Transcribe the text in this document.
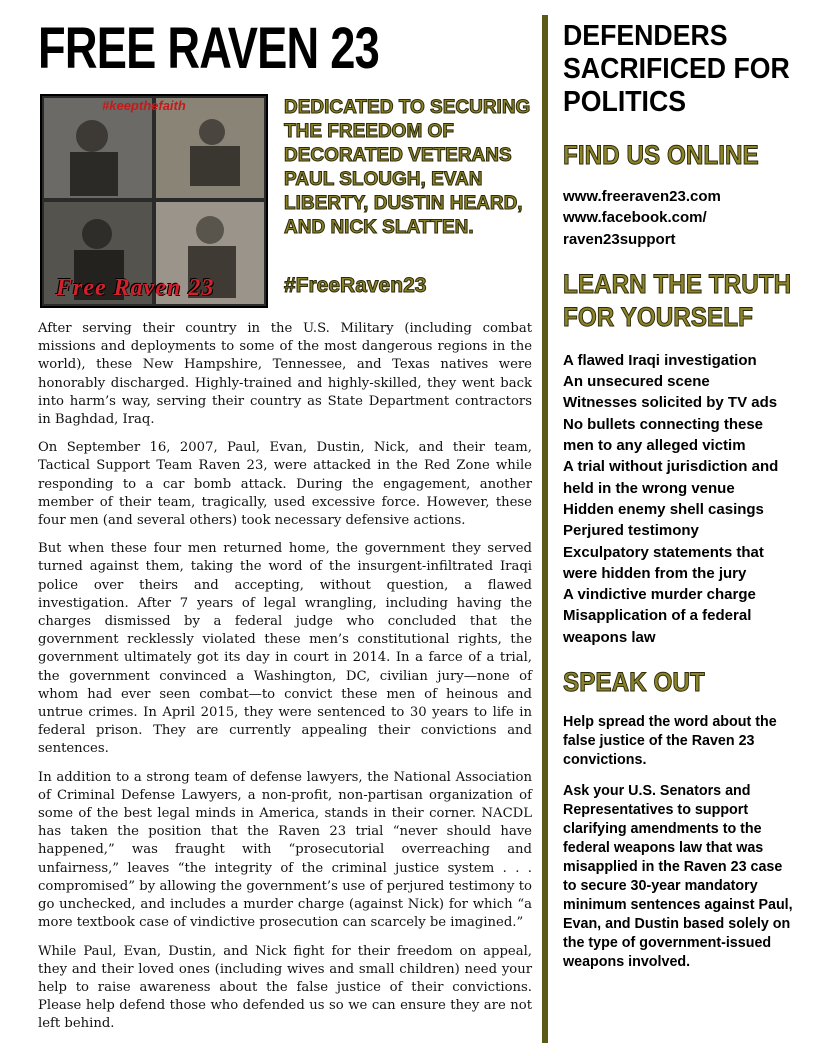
FREE RAVEN 23
#keepthefaith
Free Raven 23
DEDICATED TO SECURING THE FREEDOM OF DECORATED VETERANS PAUL SLOUGH, EVAN LIBERTY, DUSTIN HEARD, AND NICK SLATTEN.
#FreeRaven23

After serving their country in the U.S. Military (including combat missions and deployments to some of the most dangerous regions in the world), these New Hampshire, Tennessee, and Texas natives were honorably discharged. Highly-trained and highly-skilled, they went back into harm’s way, serving their country as State Department contractors in Baghdad, Iraq.

On September 16, 2007, Paul, Evan, Dustin, Nick, and their team, Tactical Support Team Raven 23, were attacked in the Red Zone while responding to a car bomb attack. During the engagement, another member of their team, tragically, used excessive force. However, these four men (and several others) took necessary defensive actions.

But when these four men returned home, the government they served turned against them, taking the word of the insurgent-infiltrated Iraqi police over theirs and accepting, without question, a flawed investigation. After 7 years of legal wrangling, including having the charges dismissed by a federal judge who concluded that the government recklessly violated these men’s constitutional rights, the government ultimately got its day in court in 2014. In a farce of a trial, the government convinced a Washington, DC, civilian jury—none of whom had ever seen combat—to convict these men of heinous and untrue crimes. In April 2015, they were sentenced to 30 years to life in federal prison. They are currently appealing their convictions and sentences.

In addition to a strong team of defense lawyers, the National Association of Criminal Defense Lawyers, a non-profit, non-partisan organization of some of the best legal minds in America, stands in their corner. NACDL has taken the position that the Raven 23 trial “never should have happened,” was fraught with “prosecutorial overreaching and unfairness,” leaves “the integrity of the criminal justice system . . . compromised” by allowing the government’s use of perjured testimony to go unchecked, and includes a murder charge (against Nick) for which “a more textbook case of vindictive prosecution can scarcely be imagined.”

While Paul, Evan, Dustin, and Nick fight for their freedom on appeal, they and their loved ones (including wives and small children) need your help to raise awareness about the false justice of their convictions. Please help defend those who defended us so we can ensure they are not left behind.

DEFENDERS SACRIFICED FOR POLITICS
FIND US ONLINE
www.freeraven23.com
www.facebook.com/
raven23support
LEARN THE TRUTH FOR YOURSELF
A flawed Iraqi investigation
An unsecured scene
Witnesses solicited by TV ads
No bullets connecting these men to any alleged victim
A trial without jurisdiction and held in the wrong venue
Hidden enemy shell casings
Perjured testimony
Exculpatory statements that were hidden from the jury
A vindictive murder charge
Misapplication of a federal weapons law
SPEAK OUT
Help spread the word about the false justice of the Raven 23 convictions.
Ask your U.S. Senators and Representatives to support clarifying amendments to the federal weapons law that was misapplied in the Raven 23 case to secure 30-year mandatory minimum sentences against Paul, Evan, and Dustin based solely on the type of government-issued weapons involved.
